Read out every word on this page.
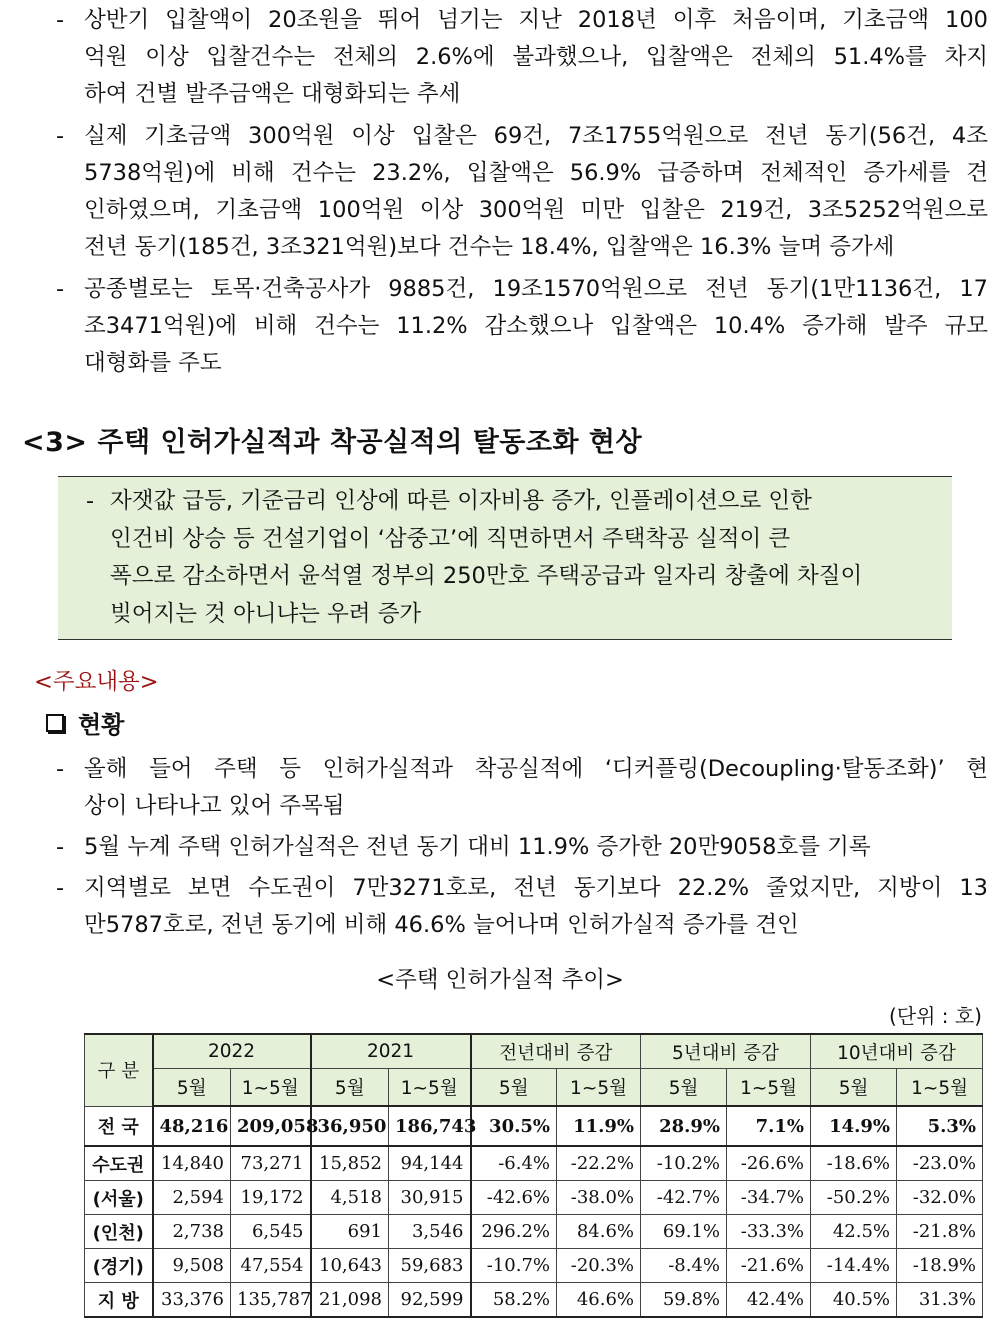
- 상반기 입찰액이 20조원을 뛰어 넘기는 지난 2018년 이후 처음이며, 기초금액 100
억원 이상 입찰건수는 전체의 2.6%에 불과했으나, 입찰액은 전체의 51.4%를 차지
하여 건별 발주금액은 대형화되는 추세
- 실제 기초금액 300억원 이상 입찰은 69건, 7조1755억원으로 전년 동기(56건, 4조
5738억원)에 비해 건수는 23.2%, 입찰액은 56.9% 급증하며 전체적인 증가세를 견
인하였으며, 기초금액 100억원 이상 300억원 미만 입찰은 219건, 3조5252억원으로
전년 동기(185건, 3조321억원)보다 건수는 18.4%, 입찰액은 16.3% 늘며 증가세
- 공종별로는 토목·건축공사가 9885건, 19조1570억원으로 전년 동기(1만1136건, 17
조3471억원)에 비해 건수는 11.2% 감소했으나 입찰액은 10.4% 증가해 발주 규모
대형화를 주도
<3> 주택 인허가실적과 착공실적의 탈동조화 현상
- 자잿값 급등, 기준금리 인상에 따른 이자비용 증가, 인플레이션으로 인한
인건비 상승 등 건설기업이 ‘삼중고’에 직면하면서 주택착공 실적이 큰
폭으로 감소하면서 윤석열 정부의 250만호 주택공급과 일자리 창출에 차질이
빚어지는 것 아니냐는 우려 증가
<주요내용>
현황
- 올해 들어 주택 등 인허가실적과 착공실적에 ‘디커플링(Decoupling·탈동조화)’ 현
상이 나타나고 있어 주목됨
- 5월 누계 주택 인허가실적은 전년 동기 대비 11.9% 증가한 20만9058호를 기록
- 지역별로 보면 수도권이 7만3271호로, 전년 동기보다 22.2% 줄었지만, 지방이 13
만5787호로, 전년 동기에 비해 46.6% 늘어나며 인허가실적 증가를 견인
<주택 인허가실적 추이>
(단위 : 호)
구 분	2022		2021		전년대비 증감		5년대비 증감		10년대비 증감	
	5월	1~5월	5월	1~5월	5월	1~5월	5월	1~5월	5월	1~5월
전 국	48,216	209,058	36,950	186,743	30.5%	11.9%	28.9%	7.1%	14.9%	5.3%
수도권	14,840	73,271	15,852	94,144	-6.4%	-22.2%	-10.2%	-26.6%	-18.6%	-23.0%
(서울)	2,594	19,172	4,518	30,915	-42.6%	-38.0%	-42.7%	-34.7%	-50.2%	-32.0%
(인천)	2,738	6,545	691	3,546	296.2%	84.6%	69.1%	-33.3%	42.5%	-21.8%
(경기)	9,508	47,554	10,643	59,683	-10.7%	-20.3%	-8.4%	-21.6%	-14.4%	-18.9%
지 방	33,376	135,787	21,098	92,599	58.2%	46.6%	59.8%	42.4%	40.5%	31.3%
